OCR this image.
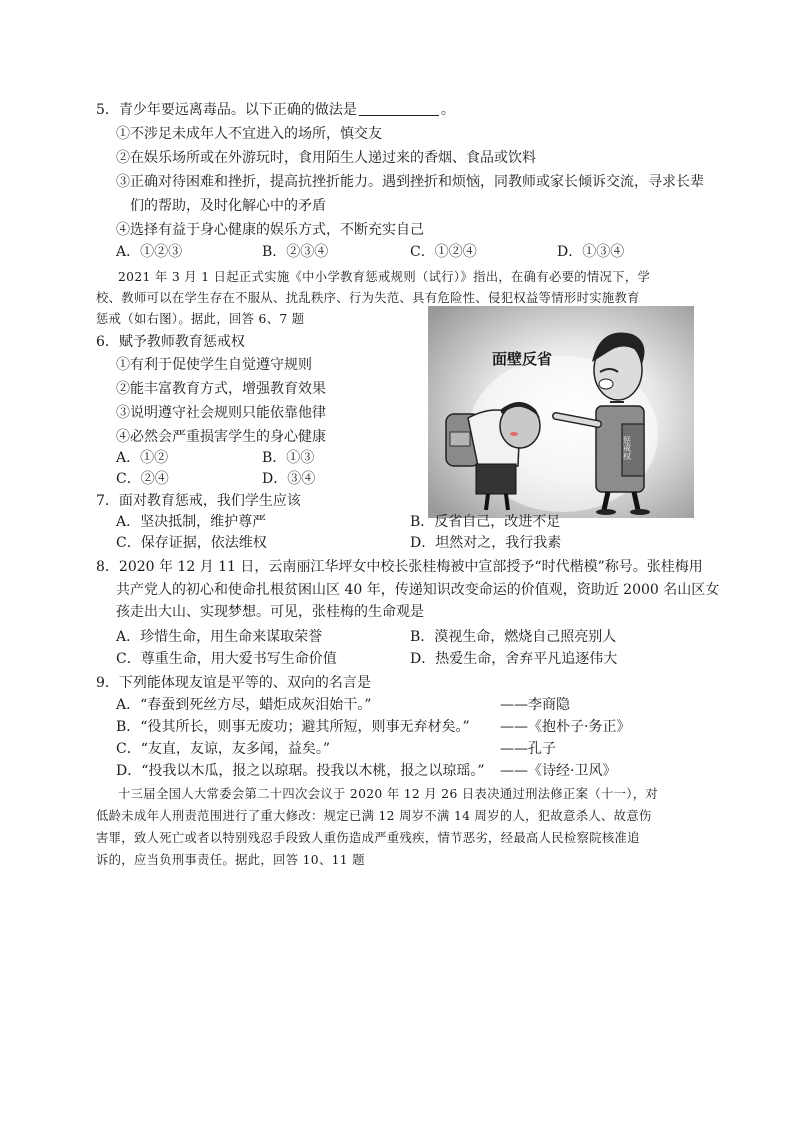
5．青少年要远离毒品。以下正确的做法是	。
①不涉足未成年人不宜进入的场所，慎交友
②在娱乐场所或在外游玩时，食用陌生人递过来的香烟、食品或饮料
③正确对待困难和挫折，提高抗挫折能力。遇到挫折和烦恼，同教师或家长倾诉交流，寻求长辈
们的帮助，及时化解心中的矛盾
④选择有益于身心健康的娱乐方式，不断充实自己
A．①②③	B．②③④	C．①②④	D．①③④
2021 年 3 月 1 日起正式实施《中小学教育惩戒规则（试行）》指出，在确有必要的情况下，学
校、教师可以在学生存在不服从、扰乱秩序、行为失范、具有危险性、侵犯权益等情形时实施教育
惩戒（如右图）。据此，回答 6、7 题
面壁反省
惩戒权
6．赋予教师教育惩戒权
①有利于促使学生自觉遵守规则
②能丰富教育方式，增强教育效果
③说明遵守社会规则只能依靠他律
④必然会严重损害学生的身心健康
A．①②	B．①③
C．②④	D．③④
7．面对教育惩戒，我们学生应该
A．坚决抵制，维护尊严	B．反省自己，改进不足
C．保存证据，依法维权	D．坦然对之，我行我素
8．2020 年 12 月 11 日，云南丽江华坪女中校长张桂梅被中宣部授予“时代楷模”称号。张桂梅用
共产党人的初心和使命扎根贫困山区 40 年，传递知识改变命运的价值观，资助近 2000 名山区女
孩走出大山、实现梦想。可见，张桂梅的生命观是
A．珍惜生命，用生命来谋取荣誉	B．漠视生命，燃烧自己照亮别人
C．尊重生命，用大爱书写生命价值	D．热爱生命，舍弃平凡追逐伟大
9．下列能体现友谊是平等的、双向的名言是
A．“春蚕到死丝方尽，蜡炬成灰泪始干。”	——李商隐
B．“役其所长，则事无废功；避其所短，则事无弃材矣。” ——《抱朴子·务正》
C．“友直，友谅，友多闻，益矣。”	——孔子
D．“投我以木瓜，报之以琼琚。投我以木桃，报之以琼瑶。” ——《诗经·卫风》
十三届全国人大常委会第二十四次会议于 2020 年 12 月 26 日表决通过刑法修正案（十一），对
低龄未成年人刑责范围进行了重大修改：规定已满 12 周岁不满 14 周岁的人，犯故意杀人、故意伤
害罪，致人死亡或者以特别残忍手段致人重伤造成严重残疾，情节恶劣，经最高人民检察院核准追
诉的，应当负刑事责任。据此，回答 10、11 题
